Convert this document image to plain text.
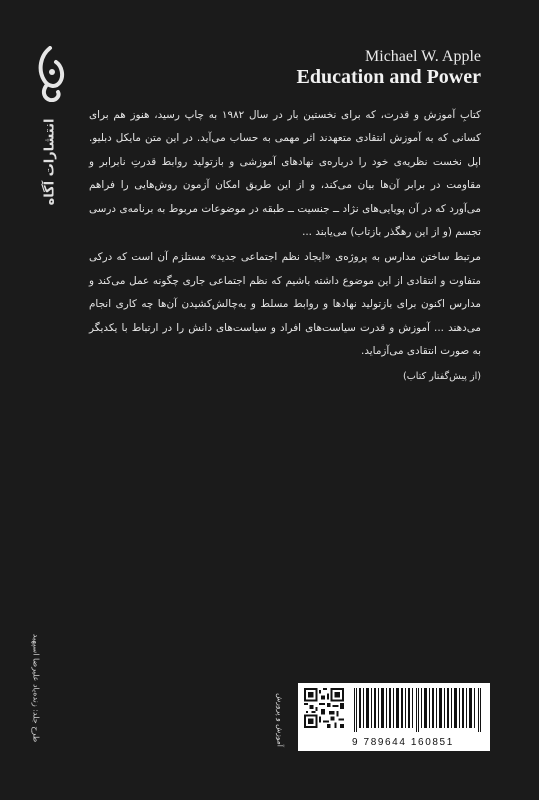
انتشارات آگاه
Michael W. Apple
Education and Power

کتابِ آموزش و قدرت، که برای نخستین بار در سال ۱۹۸۲ به چاپ رسید، هنوز هم برای کسانی که به آموزش انتقادی متعهدند اثر مهمی به حساب می‌آید. در این متن مایکل دبلیو. اپل نخست نظریه‌ی خود را درباره‌ی نهادهای آموزشی و بازتولید روابط قدرتِ نابرابر و مقاومت در برابر آن‌ها بیان می‌کند، و از این طریق امکان آزمون روش‌هایی را فراهم می‌آورد که در آن پویایی‌های نژاد ــ جنسیت ــ طبقه در موضوعات مربوط به برنامه‌ی درسی تجسم (و از این رهگذر بازتاب) می‌یابند ...

مرتبط ساختن مدارس به پروژه‌ی «ایجاد نظم اجتماعی جدید» مستلزم آن است که درکی متفاوت و انتقادی از این موضوع داشته باشیم که نظم اجتماعی جاری چگونه عمل می‌کند و مدارس اکنون برای بازتولید نهادها و روابط مسلط و به‌چالش‌کشیدن آن‌ها چه کاری انجام می‌دهند ... آموزش و قدرت سیاست‌های افراد و سیاست‌های دانش را در ارتباط با یکدیگر به صورت انتقادی می‌آزماید.

(از پیش‌گفتار کتاب)

طرح جلد: زنده‌یاد علیرضا اسپهبد	آموزش و پرورش	9 789644 160851
